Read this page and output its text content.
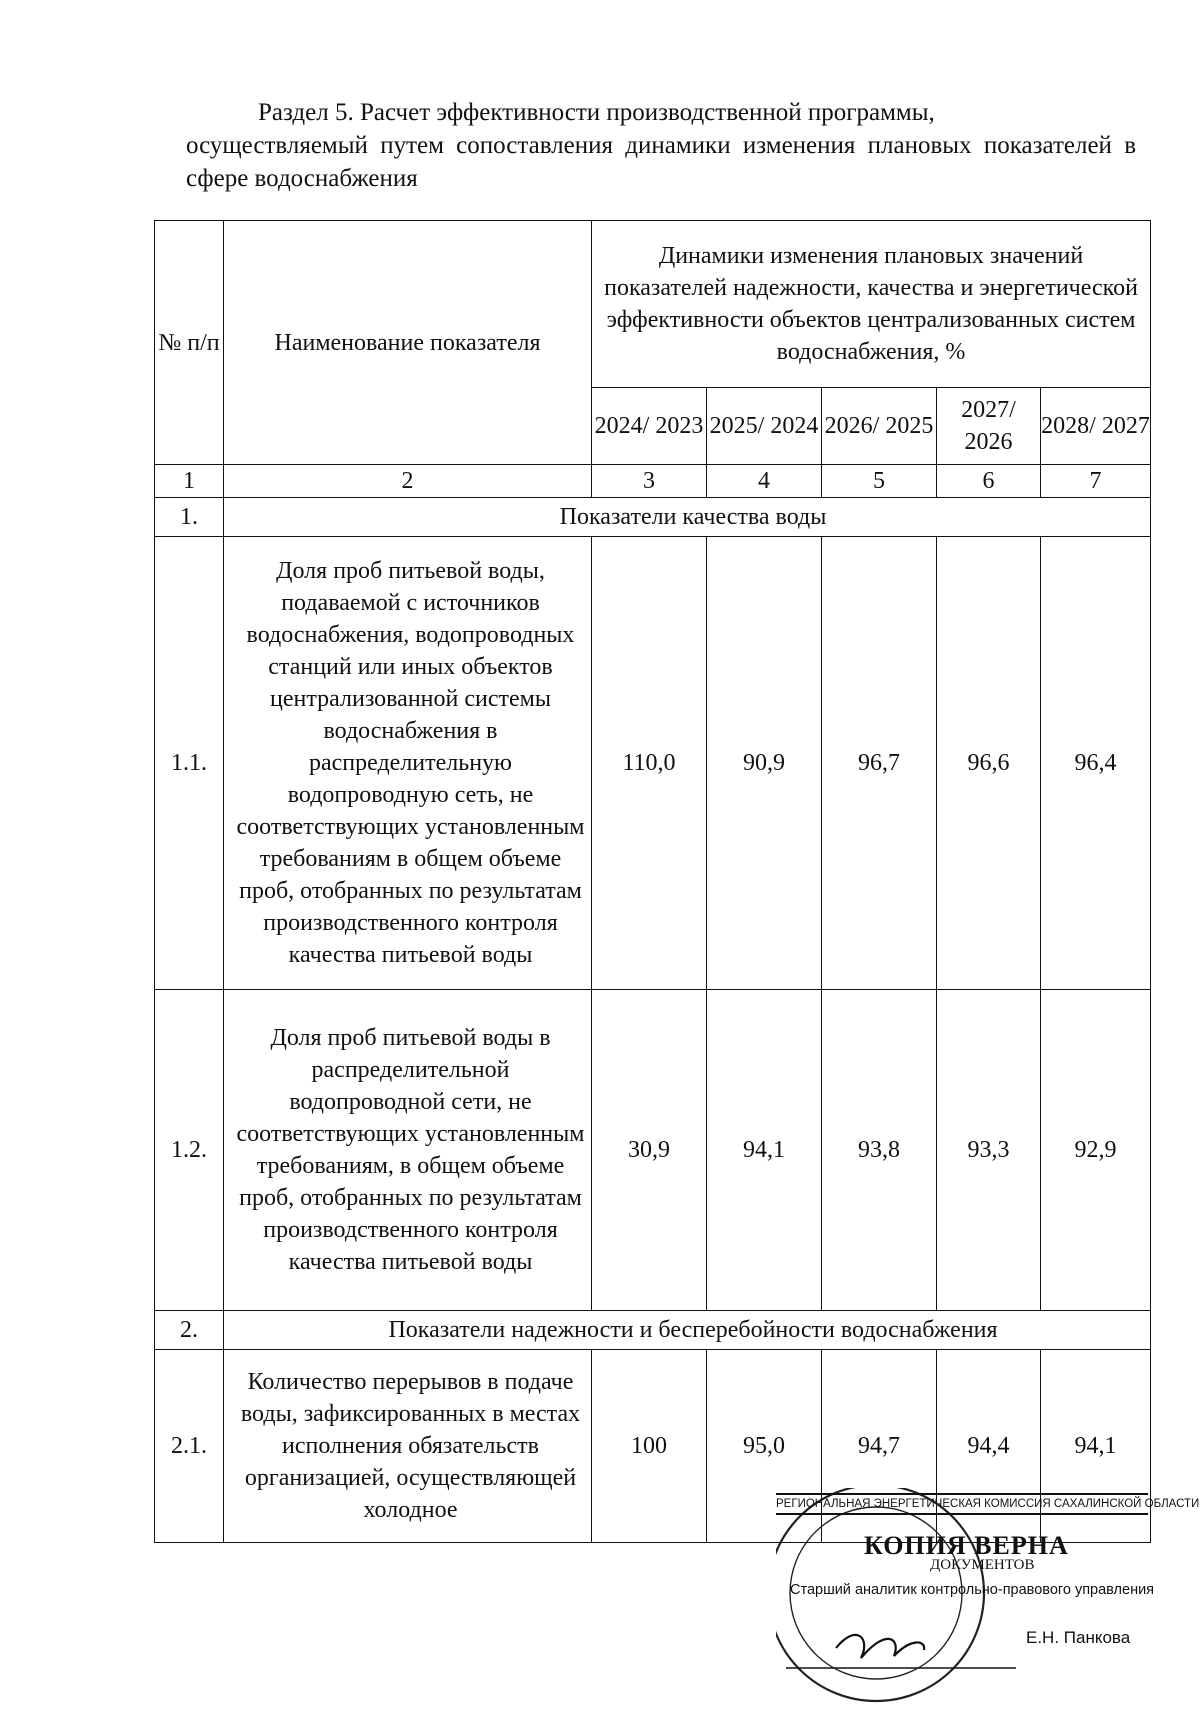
Раздел 5. Расчет эффективности производственной программы,
осуществляемый путем сопоставления динамики изменения плановых показателей в сфере водоснабжения
№ п/п	Наименование показателя	Динамики изменения плановых значений показателей надежности, качества и энергетической эффективности объектов централизованных систем водоснабжения, %				
		2024/ 2023	2025/ 2024	2026/ 2025	2027/ 2026	2028/ 2027
1	2	3	4	5	6	7
1.	Показатели качества воды					
1.1.	Доля проб питьевой воды, подаваемой с источников водоснабжения, водопроводных станций или иных объектов централизованной системы водоснабжения в распределительную водопроводную сеть, не соответствующих установленным требованиям в общем объеме проб, отобранных по результатам производственного контроля качества питьевой воды	110,0	90,9	96,7	96,6	96,4
1.2.	Доля проб питьевой воды в распределительной водопроводной сети, не соответствующих установленным требованиям, в общем объеме проб, отобранных по результатам производственного контроля качества питьевой воды	30,9	94,1	93,8	93,3	92,9
2.	Показатели надежности и бесперебойности водоснабжения					
2.1.	Количество перерывов в подаче воды, зафиксированных в местах исполнения обязательств организацией, осуществляющей холодное	100	95,0	94,7	94,4	94,1
РЕГИОНАЛЬНАЯ ЭНЕРГЕТИЧЕСКАЯ КОМИССИЯ САХАЛИНСКОЙ ОБЛАСТИ
КОПИЯ ВЕРНА
ДОКУМЕНТОВ
Старший аналитик контрольно-правового управления
Е.Н. Панкова
